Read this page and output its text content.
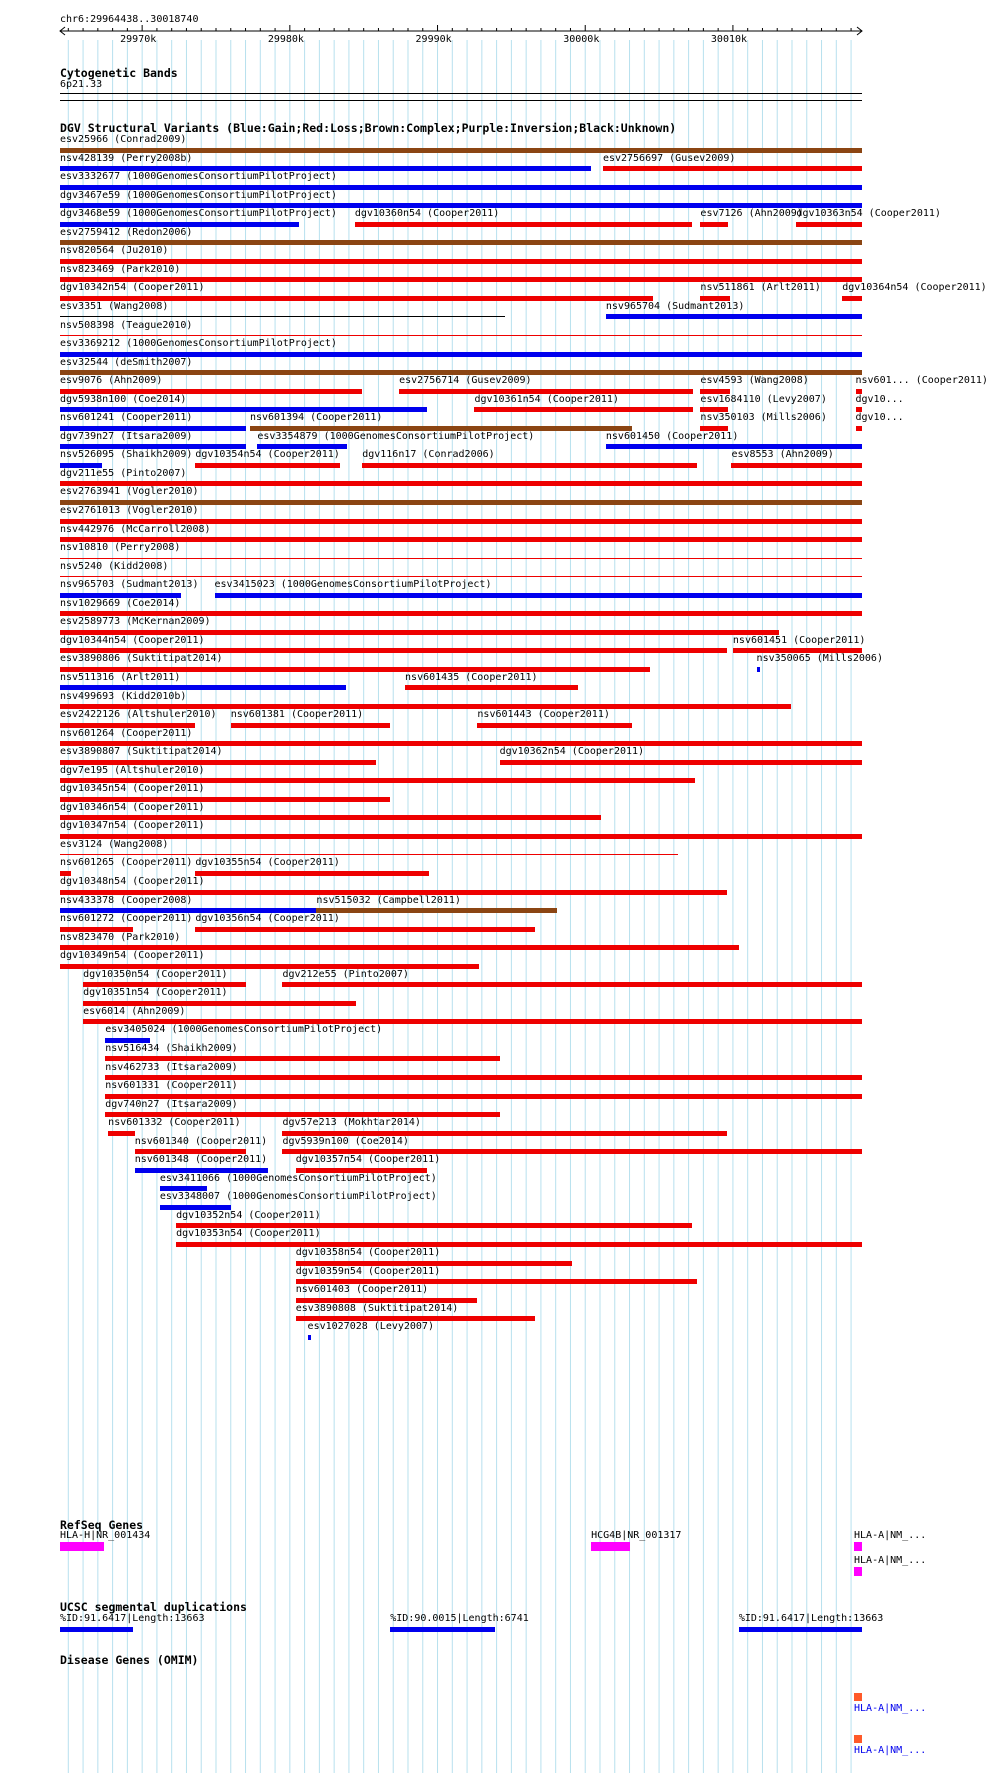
chr6:29964438..30018740
29970k	29980k	29990k	30000k	30010k
Cytogenetic Bands
6p21.33
DGV Structural Variants (Blue:Gain;Red:Loss;Brown:Complex;Purple:Inversion;Black:Unknown)
esv25966 (Conrad2009)
nsv428139 (Perry2008b)	esv2756697 (Gusev2009)
esv3332677 (1000GenomesConsortiumPilotProject)
dgv3467e59 (1000GenomesConsortiumPilotProject)
dgv3468e59 (1000GenomesConsortiumPilotProject) dgv10360n54 (Cooper2011)	esv7126 (Ahn2009)
dgv10363n54 (Cooper2011)
esv2759412 (Redon2006)
nsv820564 (Ju2010)
nsv823469 (Park2010)
dgv10342n54 (Cooper2011)	nsv511861 (Arlt2011) dgv10364n54 (Cooper2011)
esv3351 (Wang2008)	nsv965704 (Sudmant2013)
nsv508398 (Teague2010)
esv3369212 (1000GenomesConsortiumPilotProject)
esv32544 (deSmith2007)
esv9076 (Ahn2009)	esv2756714 (Gusev2009)	esv4593 (Wang2008)	nsv601... (Cooper2011)
dgv5938n100 (Coe2014)	dgv10361n54 (Cooper2011)	esv1684110 (Levy2007)	dgv10...
nsv601241 (Cooper2011)	nsv601394 (Cooper2011)	nsv350103 (Mills2006)	dgv10...
dgv739n27 (Itsara2009)	esv3354879 (1000GenomesConsortiumPilotProject)	nsv601450 (Cooper2011)
nsv526095 (Shaikh2009) dgv10354n54 (Cooper2011) dgv116n17 (Conrad2006)	esv8553 (Ahn2009)
dgv211e55 (Pinto2007)
esv2763941 (Vogler2010)
esv2761013 (Vogler2010)
nsv442976 (McCarroll2008)
nsv10810 (Perry2008)
nsv5240 (Kidd2008)
nsv965703 (Sudmant2013) esv3415023 (1000GenomesConsortiumPilotProject)
nsv1029669 (Coe2014)
esv2589773 (McKernan2009)
dgv10344n54 (Cooper2011)	nsv601451 (Cooper2011)
esv3890806 (Suktitipat2014)	nsv350065 (Mills2006)
nsv511316 (Arlt2011)	nsv601435 (Cooper2011)
nsv499693 (Kidd2010b)
esv2422126 (Altshuler2010) nsv601381 (Cooper2011)	nsv601443 (Cooper2011)
nsv601264 (Cooper2011)
esv3890807 (Suktitipat2014)	dgv10362n54 (Cooper2011)
dgv7e195 (Altshuler2010)
dgv10345n54 (Cooper2011)
dgv10346n54 (Cooper2011)
dgv10347n54 (Cooper2011)
esv3124 (Wang2008)
nsv601265 (Cooper2011) dgv10355n54 (Cooper2011)
dgv10348n54 (Cooper2011)
nsv433378 (Cooper2008)	nsv515032 (Campbell2011)
nsv601272 (Cooper2011) dgv10356n54 (Cooper2011)
nsv823470 (Park2010)
dgv10349n54 (Cooper2011)
dgv10350n54 (Cooper2011)	dgv212e55 (Pinto2007)
dgv10351n54 (Cooper2011)
esv6014 (Ahn2009)
esv3405024 (1000GenomesConsortiumPilotProject)
nsv516434 (Shaikh2009)
nsv462733 (Itsara2009)
nsv601331 (Cooper2011)
dgv740n27 (Itsara2009)
nsv601332 (Cooper2011)	dgv57e213 (Mokhtar2014)
nsv601340 (Cooper2011) dgv5939n100 (Coe2014)
nsv601348 (Cooper2011)	dgv10357n54 (Cooper2011)
esv3411066 (1000GenomesConsortiumPilotProject)
esv3348007 (1000GenomesConsortiumPilotProject)
dgv10352n54 (Cooper2011)
dgv10353n54 (Cooper2011)
dgv10358n54 (Cooper2011)
dgv10359n54 (Cooper2011)
nsv601403 (Cooper2011)
esv3890808 (Suktitipat2014)
esv1027028 (Levy2007)
RefSeq Genes
HLA-H|NR_001434	HCG4B|NR_001317	HLA-A|NM_...
HLA-A|NM_...
UCSC segmental duplications
%ID:91.6417|Length:13663	%ID:90.0015|Length:6741	%ID:91.6417|Length:13663
Disease Genes (OMIM)
HLA-A|NM_...
HLA-A|NM_...
